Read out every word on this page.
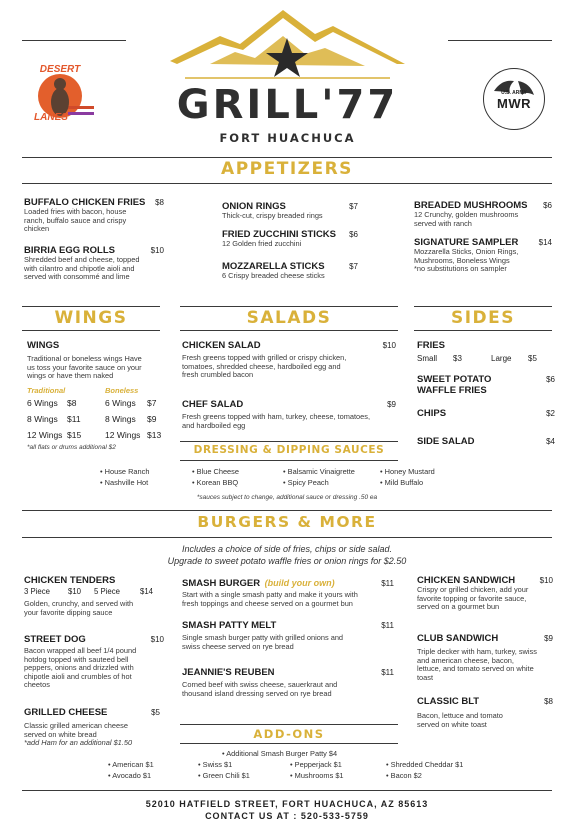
GRILL'77
FORT HUACHUCA
DESERT
LANES
U.S. ARMY
MWR
APPETIZERS
BUFFALO CHICKEN FRIES $8
Loaded fries with bacon, house ranch, buffalo sauce and crispy chicken
BIRRIA EGG ROLLS	$10
Shredded beef and cheese, topped with cilantro and chipotle aioli and served with consommé and lime
ONION RINGS	$7
Thick-cut, crispy breaded rings
FRIED ZUCCHINI STICKS $6
12 Golden fried zucchini
MOZZARELLA STICKS	$7
6 Crispy breaded cheese sticks
BREADED MUSHROOMS $6
12 Crunchy, golden mushrooms served with ranch
SIGNATURE SAMPLER	$14
Mozzarella Sticks, Onion Rings, Mushrooms, Boneless Wings
*no substitutions on sampler
WINGS	SALADS	SIDES
WINGS
Traditional or boneless wings Have us toss your favorite sauce on your wings or have them naked
Traditional	Boneless
6 Wings	$8	6 Wings	$7
8 Wings	$11	8 Wings	$9
12 Wings $15	12 Wings $13
*all flats or drums additional $2
CHICKEN SALAD	$10
Fresh greens topped with grilled or crispy chicken, tomatoes, shredded cheese, hardboiled egg and fresh crumbled bacon
CHEF SALAD	$9
Fresh greens topped with ham, turkey, cheese, tomatoes, and hardboiled egg
FRIES
Small	$3	Large	$5
SWEET POTATO WAFFLE FRIES
$6
CHIPS	$2
SIDE SALAD	$4
DRESSING & DIPPING SAUCES
• House Ranch
• Nashville Hot
• Blue Cheese
• Korean BBQ
• Balsamic Vinaigrette
• Spicy Peach
• Honey Mustard
• Mild Buffalo
*sauces subject to change, additional sauce or dressing .50 ea
BURGERS & MORE
Includes a choice of side of fries, chips or side salad.
Upgrade to sweet potato waffle fries or onion rings for $2.50
CHICKEN TENDERS
3 Piece	$10	5 Piece	$14
Golden, crunchy, and served with your favorite dipping sauce
STREET DOG	$10
Bacon wrapped all beef 1/4 pound hotdog topped with sauteed bell peppers, onions and drizzled with chipotle aioli and crumbles of hot cheetos
GRILLED CHEESE	$5
Classic grilled american cheese served on white bread
*add Ham for an additional $1.50
SMASH BURGER (build your own)	$11
Start with a single smash patty and make it yours with fresh toppings and cheese served on a gourmet bun
SMASH PATTY MELT	$11
Single smash burger patty with grilled onions and swiss cheese served on rye bread
JEANNIE'S REUBEN	$11
Corned beef with swiss cheese, sauerkraut and thousand island dressing served on rye bread
CHICKEN SANDWICH	$10
Crispy or grilled chicken, add your favorite topping or favorite sauce, served on a gourmet bun
CLUB SANDWICH	$9
Triple decker with ham, turkey, swiss and american cheese, bacon, lettuce, and tomato served on white toast
CLASSIC BLT	$8
Bacon, lettuce and tomato served on white toast
ADD-ONS
• Additional Smash Burger Patty $4
• American $1
• Avocado $1
• Swiss $1
• Green Chili $1
• Pepperjack $1
• Mushrooms $1
• Shredded Cheddar $1
• Bacon $2
52010 HATFIELD STREET, FORT HUACHUCA, AZ 85613
CONTACT US AT : 520-533-5759
